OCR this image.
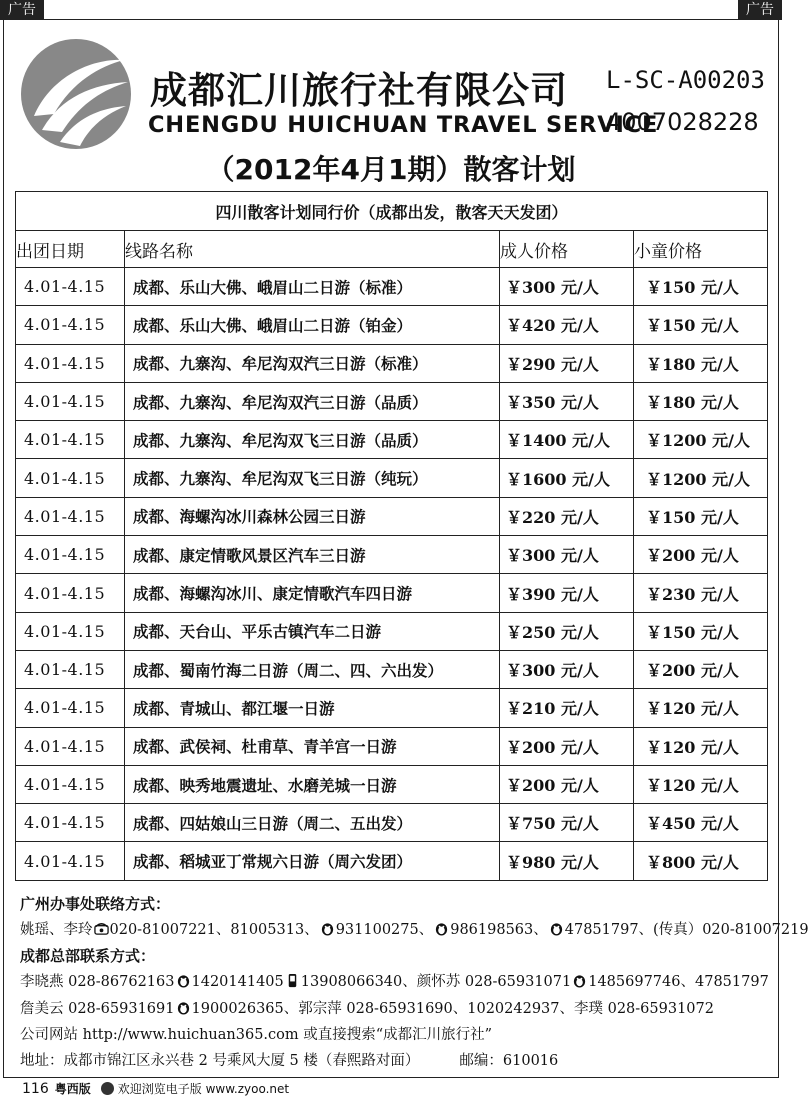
广告	广告
成都汇川旅行社有限公司
CHENGDU HUICHUAN TRAVEL SERVICE
L-SC-A00203
4007028228
（2012年4月1期）散客计划
四川散客计划同行价（成都出发，散客天天发团）			
出团日期	线路名称	成人价格	小童价格
4.01-4.15	成都、乐山大佛、峨眉山二日游（标准）	￥300 元/人	￥150 元/人
4.01-4.15	成都、乐山大佛、峨眉山二日游（铂金）	￥420 元/人	￥150 元/人
4.01-4.15	成都、九寨沟、牟尼沟双汽三日游（标准）	￥290 元/人	￥180 元/人
4.01-4.15	成都、九寨沟、牟尼沟双汽三日游（品质）	￥350 元/人	￥180 元/人
4.01-4.15	成都、九寨沟、牟尼沟双飞三日游（品质）	￥1400 元/人	￥1200 元/人
4.01-4.15	成都、九寨沟、牟尼沟双飞三日游（纯玩）	￥1600 元/人	￥1200 元/人
4.01-4.15	成都、海螺沟冰川森林公园三日游	￥220 元/人	￥150 元/人
4.01-4.15	成都、康定情歌风景区汽车三日游	￥300 元/人	￥200 元/人
4.01-4.15	成都、海螺沟冰川、康定情歌汽车四日游	￥390 元/人	￥230 元/人
4.01-4.15	成都、天台山、平乐古镇汽车二日游	￥250 元/人	￥150 元/人
4.01-4.15	成都、蜀南竹海二日游（周二、四、六出发）	￥300 元/人	￥200 元/人
4.01-4.15	成都、青城山、都江堰一日游	￥210 元/人	￥120 元/人
4.01-4.15	成都、武侯祠、杜甫草、青羊宫一日游	￥200 元/人	￥120 元/人
4.01-4.15	成都、映秀地震遗址、水磨羌城一日游	￥200 元/人	￥120 元/人
4.01-4.15	成都、四姑娘山三日游（周二、五出发）	￥750 元/人	￥450 元/人
4.01-4.15	成都、稻城亚丁常规六日游（周六发团）	￥980 元/人	￥800 元/人
广州办事处联络方式：
姚瑶、李玲 020-81007221、81005313、 931100275、 986198563、 47851797、(传真）020-81007219
成都总部联系方式：
李晓燕 028-86762163 1420141405 13908066340、颜怀苏 028-65931071 1485697746、47851797
詹美云 028-65931691 1900026365、郭宗萍 028-65931690、1020242937、李璞 028-65931072
公司网站 http://www.huichuan365.com 或直接搜索“成都汇川旅行社”
地址：成都市锦江区永兴巷 2 号乘风大厦 5 楼（春熙路对面）	邮编：610016
116 粤西版 欢迎浏览电子版 www.zyoo.net
